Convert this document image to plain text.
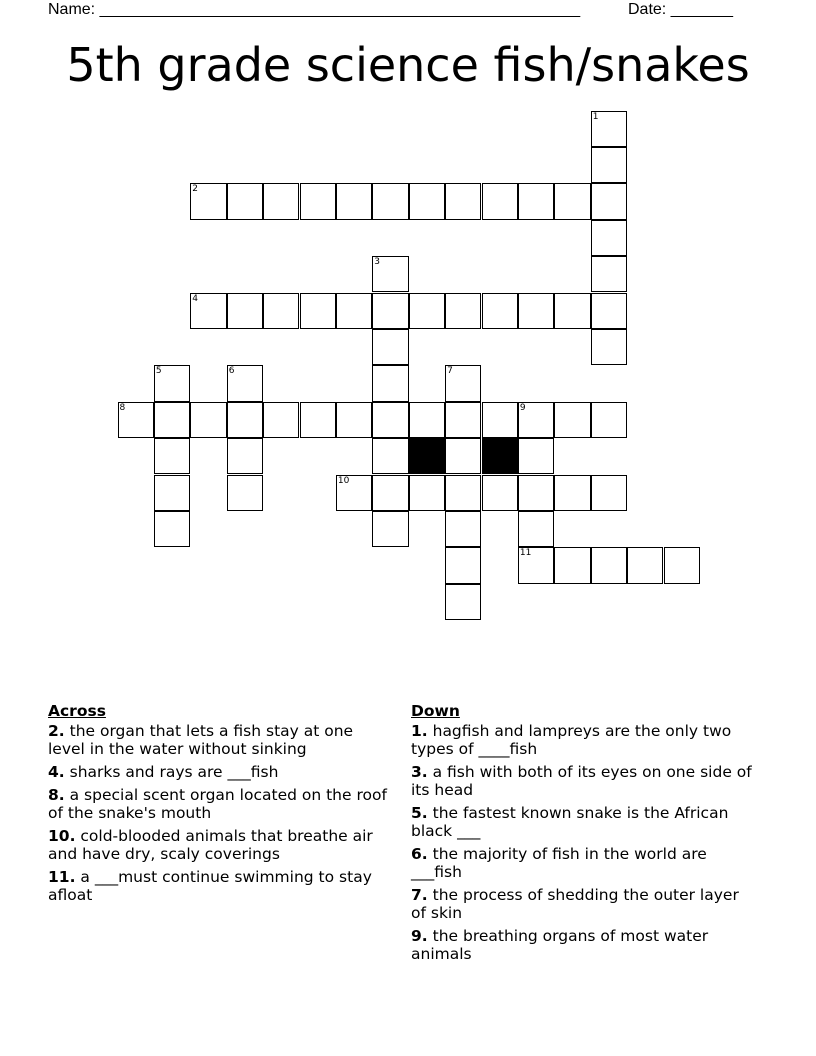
Name: ______________________________________________________	Date: _______
5th grade science fish/snakes
1
2
3
4
5	6	7
8	9
10
11
Across
2. the organ that lets a fish stay at one level in the water without sinking
4. sharks and rays are ___fish
8. a special scent organ located on the roof of the snake's mouth
10. cold-blooded animals that breathe air and have dry, scaly coverings
11. a ___must continue swimming to stay afloat
Down
1. hagfish and lampreys are the only two types of ____fish
3. a fish with both of its eyes on one side of its head
5. the fastest known snake is the African black ___
6. the majority of fish in the world are ___fish
7. the process of shedding the outer layer of skin
9. the breathing organs of most water animals
